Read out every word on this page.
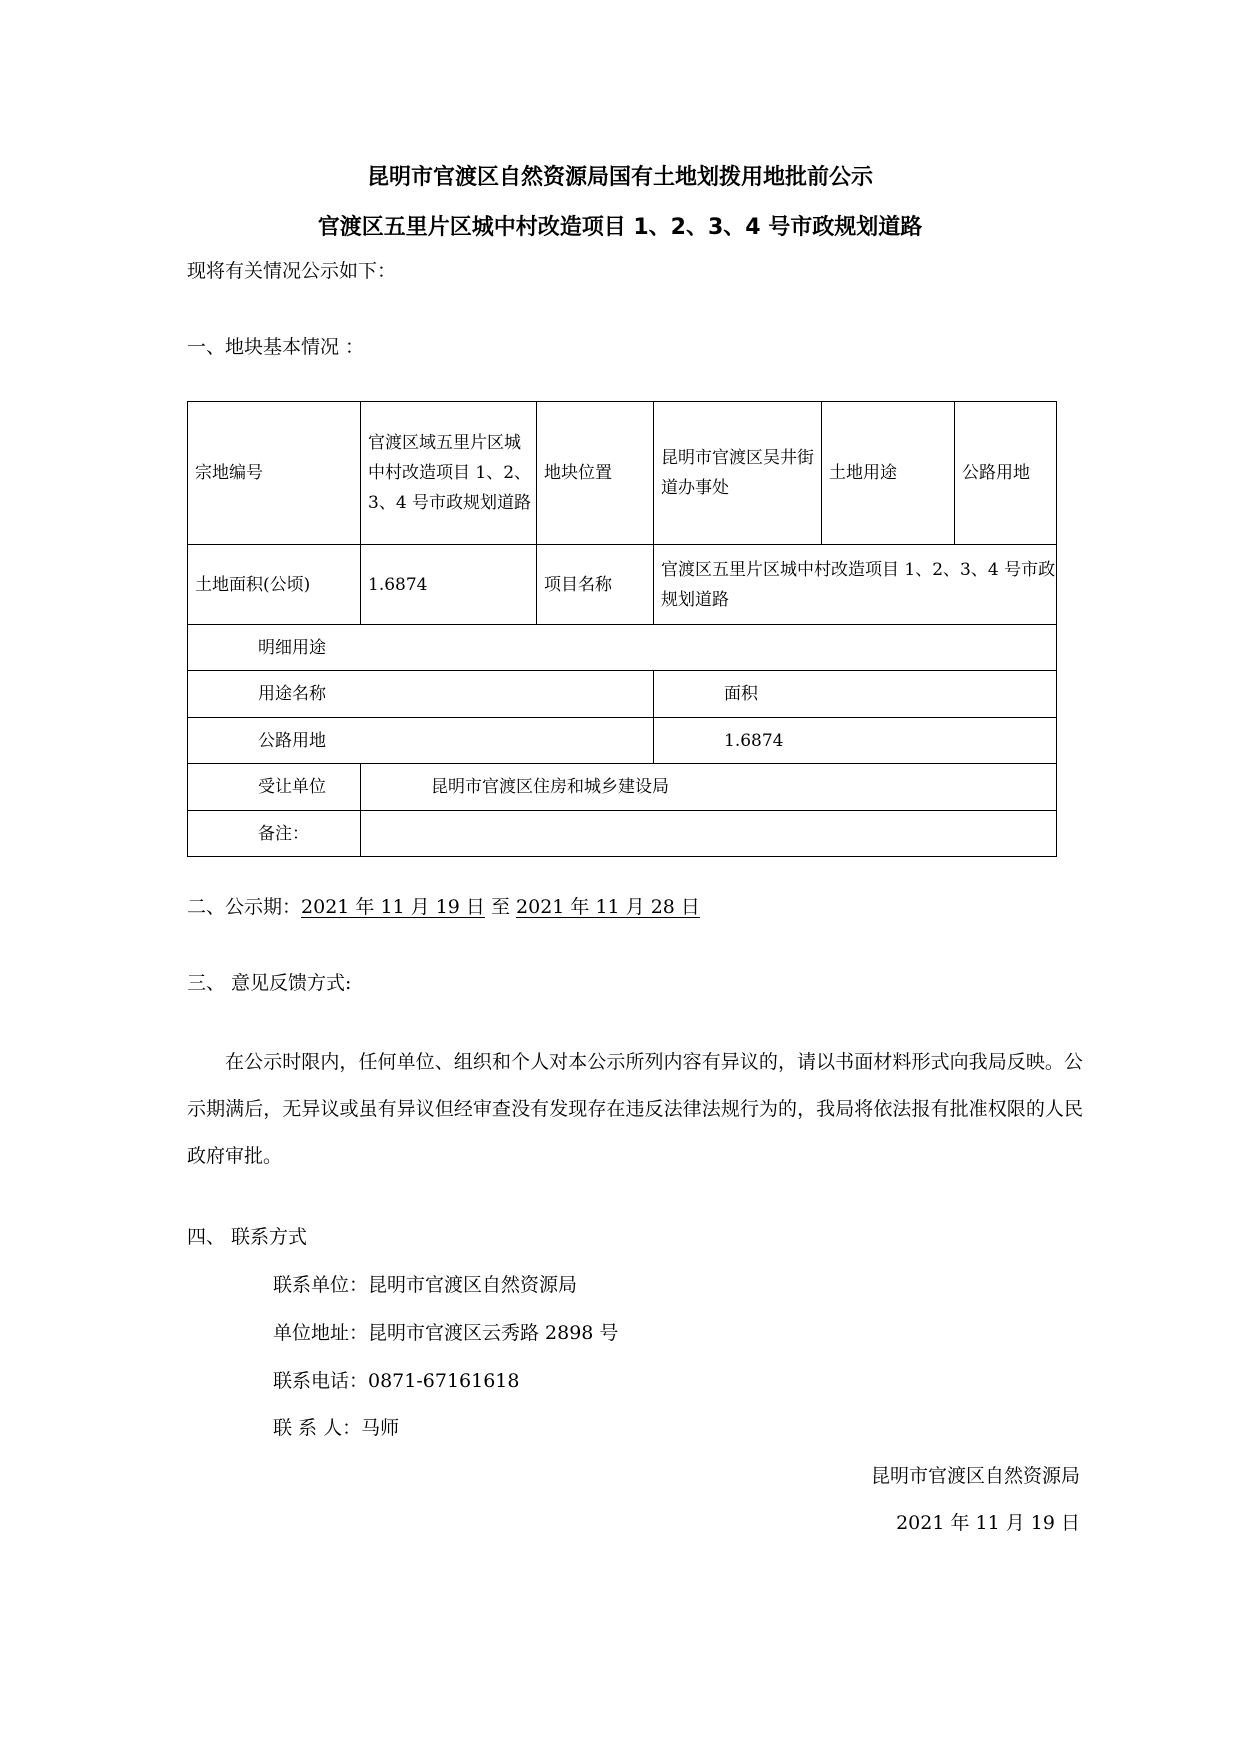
昆明市官渡区自然资源局国有土地划拨用地批前公示
官渡区五里片区城中村改造项目 1、2、3、4 号市政规划道路
现将有关情况公示如下：
一、地块基本情况 ：
宗地编号	官渡区域五里片区城中村改造项目 1、2、3、4 号市政规划道路	地块位置	昆明市官渡区吴井街道办事处	土地用途	公路用地
土地面积(公顷)	1.6874	项目名称	官渡区五里片区城中村改造项目 1、2、3、4 号市政规划道路		
明细用途					
用途名称			面积		
公路用地			1.6874		
受让单位	昆明市官渡区住房和城乡建设局				
备注：					
二、公示期：2021 年 11 月 19 日 至 2021 年 11 月 28 日
三、 意见反馈方式:
在公示时限内，任何单位、组织和个人对本公示所列内容有异议的，请以书面材料形式向我局反映。公示期满后，无异议或虽有异议但经审查没有发现存在违反法律法规行为的，我局将依法报有批准权限的人民政府审批。
四、 联系方式
联系单位：昆明市官渡区自然资源局
单位地址：昆明市官渡区云秀路 2898 号
联系电话：0871-67161618
联 系 人：马师
昆明市官渡区自然资源局
2021 年 11 月 19 日
